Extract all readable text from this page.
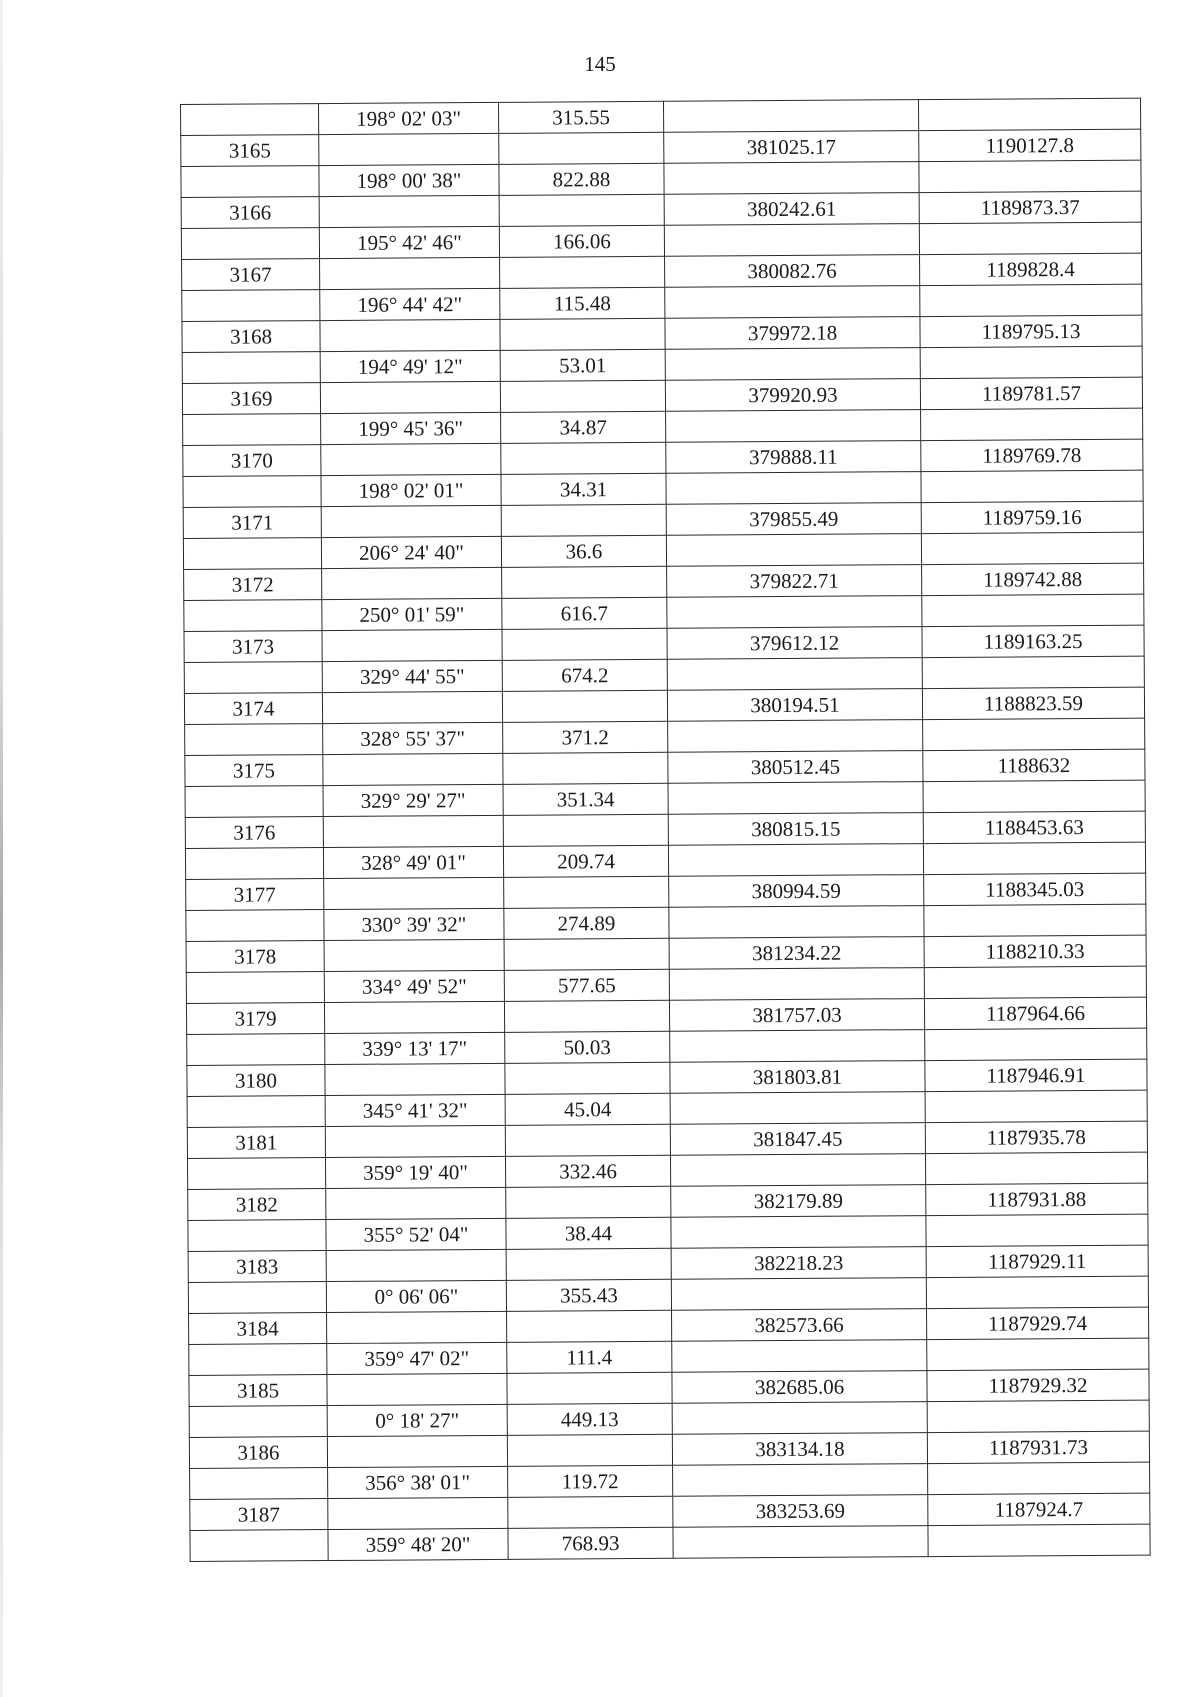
145
	198° 02' 03"	315.55		
3165			381025.17	1190127.8
	198° 00' 38"	822.88		
3166			380242.61	1189873.37
	195° 42' 46"	166.06		
3167			380082.76	1189828.4
	196° 44' 42"	115.48		
3168			379972.18	1189795.13
	194° 49' 12"	53.01		
3169			379920.93	1189781.57
	199° 45' 36"	34.87		
3170			379888.11	1189769.78
	198° 02' 01"	34.31		
3171			379855.49	1189759.16
	206° 24' 40"	36.6		
3172			379822.71	1189742.88
	250° 01' 59"	616.7		
3173			379612.12	1189163.25
	329° 44' 55"	674.2		
3174			380194.51	1188823.59
	328° 55' 37"	371.2		
3175			380512.45	1188632
	329° 29' 27"	351.34		
3176			380815.15	1188453.63
	328° 49' 01"	209.74		
3177			380994.59	1188345.03
	330° 39' 32"	274.89		
3178			381234.22	1188210.33
	334° 49' 52"	577.65		
3179			381757.03	1187964.66
	339° 13' 17"	50.03		
3180			381803.81	1187946.91
	345° 41' 32"	45.04		
3181			381847.45	1187935.78
	359° 19' 40"	332.46		
3182			382179.89	1187931.88
	355° 52' 04"	38.44		
3183			382218.23	1187929.11
	0° 06' 06"	355.43		
3184			382573.66	1187929.74
	359° 47' 02"	111.4		
3185			382685.06	1187929.32
	0° 18' 27"	449.13		
3186			383134.18	1187931.73
	356° 38' 01"	119.72		
3187			383253.69	1187924.7
	359° 48' 20"	768.93		
